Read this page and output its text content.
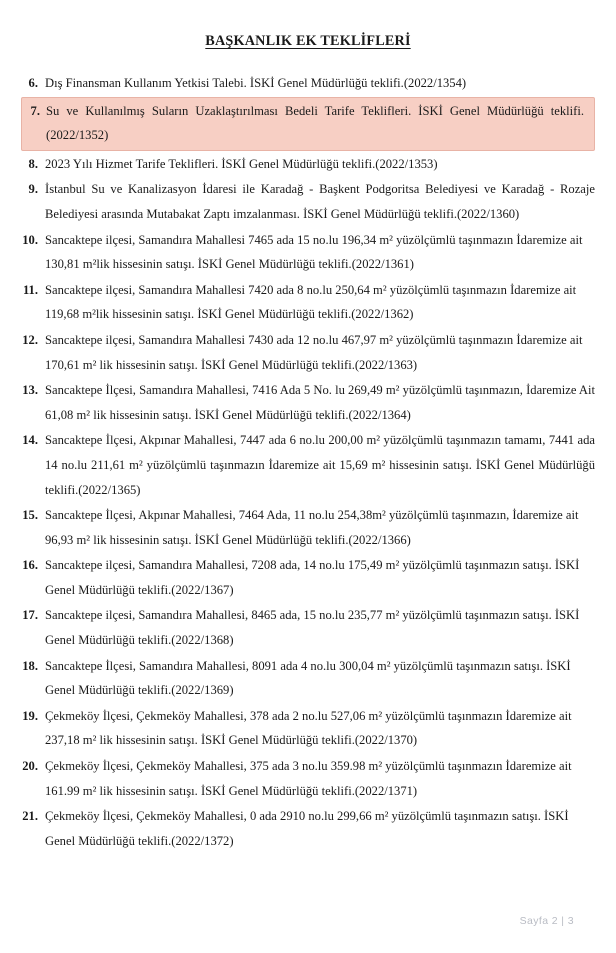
BAŞKANLIK EK TEKLİFLERİ
6. Dış Finansman Kullanım Yetkisi Talebi. İSKİ Genel Müdürlüğü teklifi.(2022/1354)
7. Su ve Kullanılmış Suların Uzaklaştırılması Bedeli Tarife Teklifleri. İSKİ Genel Müdürlüğü teklifi.(2022/1352)
8. 2023 Yılı Hizmet Tarife Teklifleri. İSKİ Genel Müdürlüğü teklifi.(2022/1353)
9. İstanbul Su ve Kanalizasyon İdaresi ile Karadağ - Başkent Podgoritsa Belediyesi ve Karadağ - Rozaje Belediyesi arasında Mutabakat Zaptı imzalanması. İSKİ Genel Müdürlüğü teklifi.(2022/1360)
10. Sancaktepe ilçesi, Samandıra Mahallesi 7465 ada 15 no.lu 196,34 m² yüzölçümlü taşınmazın İdaremize ait 130,81 m²lik hissesinin satışı. İSKİ Genel Müdürlüğü teklifi.(2022/1361)
11. Sancaktepe ilçesi, Samandıra Mahallesi 7420 ada 8 no.lu 250,64 m² yüzölçümlü taşınmazın İdaremize ait 119,68 m²lik hissesinin satışı. İSKİ Genel Müdürlüğü teklifi.(2022/1362)
12. Sancaktepe ilçesi, Samandıra Mahallesi 7430 ada 12 no.lu 467,97 m² yüzölçümlü taşınmazın İdaremize ait 170,61 m² lik hissesinin satışı. İSKİ Genel Müdürlüğü teklifi.(2022/1363)
13. Sancaktepe İlçesi, Samandıra Mahallesi, 7416 Ada 5 No. lu 269,49 m² yüzölçümlü taşınmazın, İdaremize Ait 61,08 m² lik hissesinin satışı. İSKİ Genel Müdürlüğü teklifi.(2022/1364)
14. Sancaktepe İlçesi, Akpınar Mahallesi, 7447 ada 6 no.lu 200,00 m² yüzölçümlü taşınmazın tamamı, 7441 ada 14 no.lu 211,61 m² yüzölçümlü taşınmazın İdaremize ait 15,69 m² hissesinin satışı. İSKİ Genel Müdürlüğü teklifi.(2022/1365)
15. Sancaktepe İlçesi, Akpınar Mahallesi, 7464 Ada, 11 no.lu 254,38m² yüzölçümlü taşınmazın, İdaremize ait 96,93 m² lik hissesinin satışı. İSKİ Genel Müdürlüğü teklifi.(2022/1366)
16. Sancaktepe ilçesi, Samandıra Mahallesi, 7208 ada, 14 no.lu 175,49 m² yüzölçümlü taşınmazın satışı. İSKİ Genel Müdürlüğü teklifi.(2022/1367)
17. Sancaktepe ilçesi, Samandıra Mahallesi, 8465 ada, 15 no.lu 235,77 m² yüzölçümlü taşınmazın satışı. İSKİ Genel Müdürlüğü teklifi.(2022/1368)
18. Sancaktepe İlçesi, Samandıra Mahallesi, 8091 ada 4 no.lu 300,04 m² yüzölçümlü taşınmazın satışı. İSKİ Genel Müdürlüğü teklifi.(2022/1369)
19. Çekmeköy İlçesi, Çekmeköy Mahallesi, 378 ada 2 no.lu 527,06 m² yüzölçümlü taşınmazın İdaremize ait 237,18 m² lik hissesinin satışı. İSKİ Genel Müdürlüğü teklifi.(2022/1370)
20. Çekmeköy İlçesi, Çekmeköy Mahallesi, 375 ada 3 no.lu 359.98 m² yüzölçümlü taşınmazın İdaremize ait 161.99 m² lik hissesinin satışı. İSKİ Genel Müdürlüğü teklifi.(2022/1371)
21. Çekmeköy İlçesi, Çekmeköy Mahallesi, 0 ada 2910 no.lu 299,66 m² yüzölçümlü taşınmazın satışı. İSKİ Genel Müdürlüğü teklifi.(2022/1372)
Sayfa 2 | 3
